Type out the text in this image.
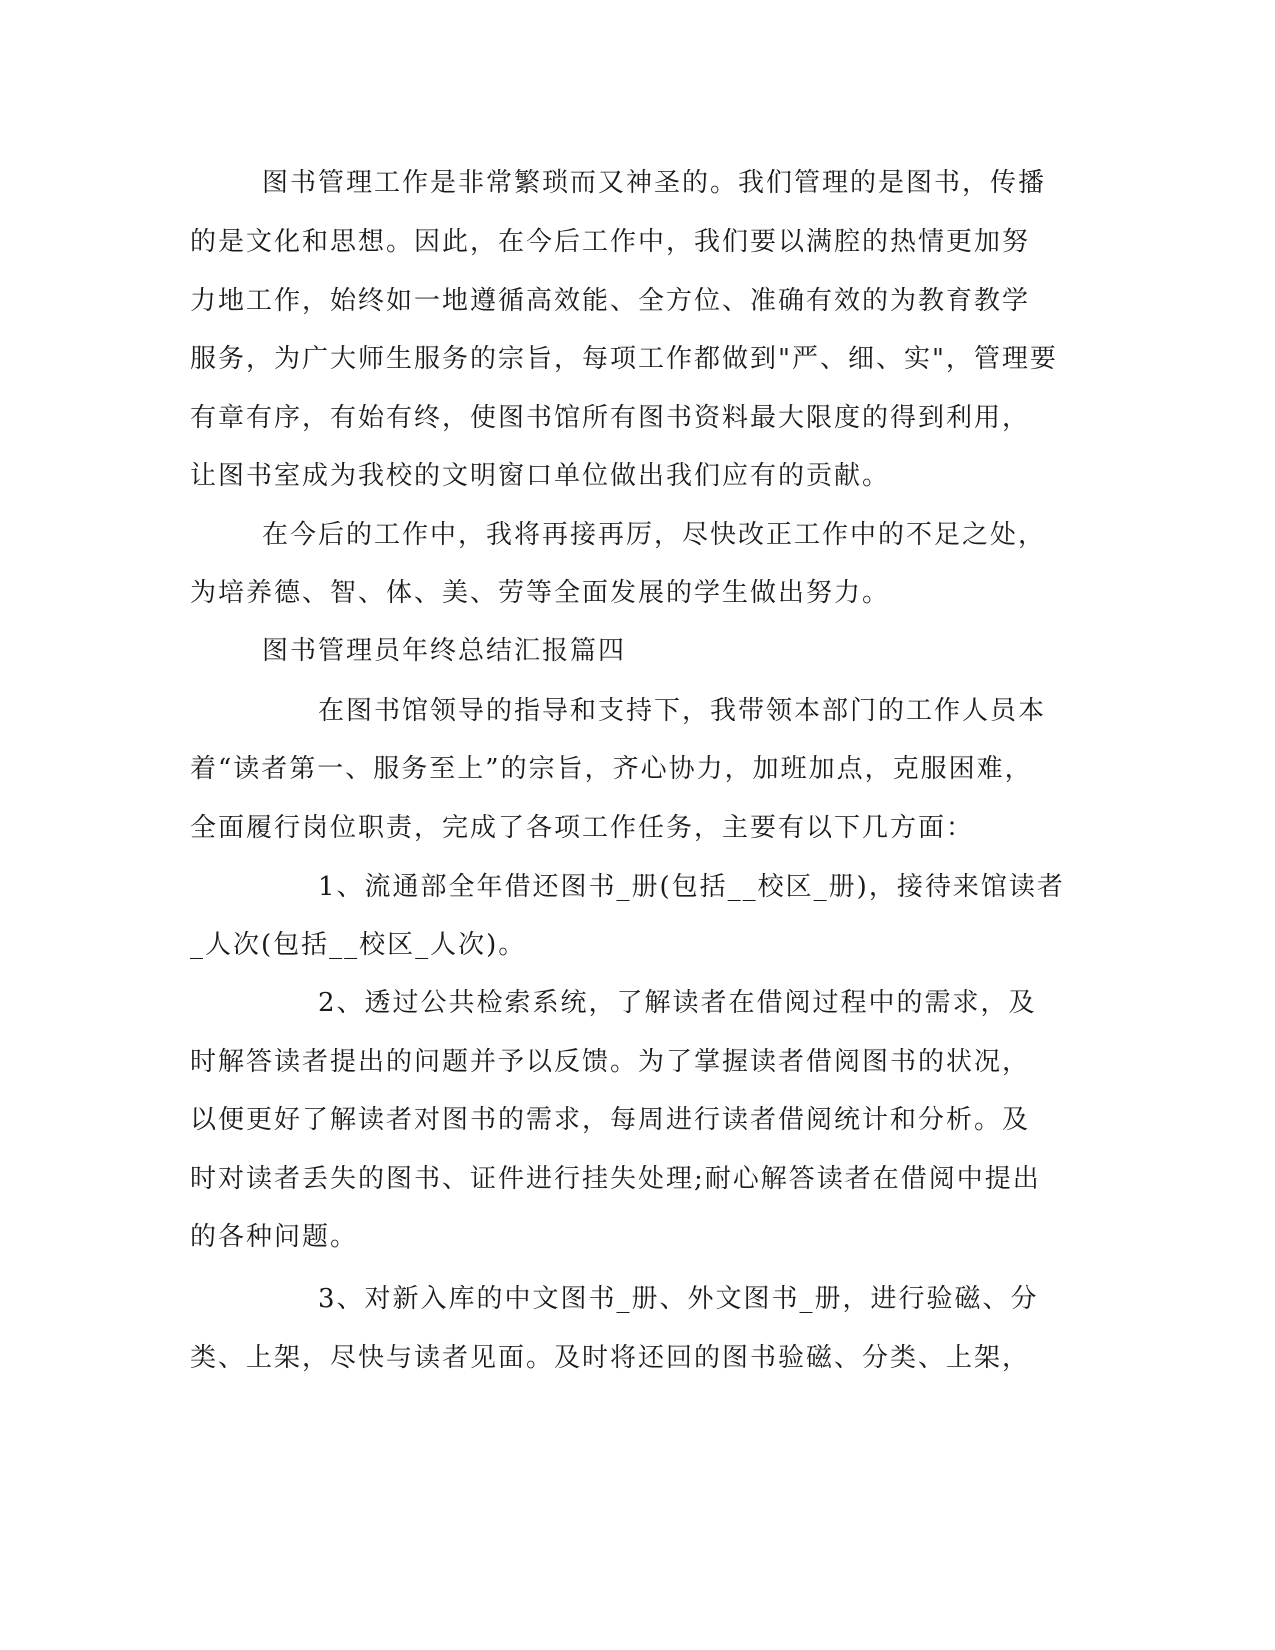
图书管理工作是非常繁琐而又神圣的。我们管理的是图书，传播
的是文化和思想。因此，在今后工作中，我们要以满腔的热情更加努
力地工作，始终如一地遵循高效能、全方位、准确有效的为教育教学
服务，为广大师生服务的宗旨，每项工作都做到"严、细、实"，管理要
有章有序，有始有终，使图书馆所有图书资料最大限度的得到利用，
让图书室成为我校的文明窗口单位做出我们应有的贡献。
在今后的工作中，我将再接再厉，尽快改正工作中的不足之处，
为培养德、智、体、美、劳等全面发展的学生做出努力。
图书管理员年终总结汇报篇四
在图书馆领导的指导和支持下，我带领本部门的工作人员本
着“读者第一、服务至上”的宗旨，齐心协力，加班加点，克服困难，
全面履行岗位职责，完成了各项工作任务，主要有以下几方面：
1、流通部全年借还图书_册(包括__校区_册)，接待来馆读者
_人次(包括__校区_人次)。
2、透过公共检索系统，了解读者在借阅过程中的需求，及
时解答读者提出的问题并予以反馈。为了掌握读者借阅图书的状况，
以便更好了解读者对图书的需求，每周进行读者借阅统计和分析。及
时对读者丢失的图书、证件进行挂失处理;耐心解答读者在借阅中提出
的各种问题。
3、对新入库的中文图书_册、外文图书_册，进行验磁、分
类、上架，尽快与读者见面。及时将还回的图书验磁、分类、上架，
